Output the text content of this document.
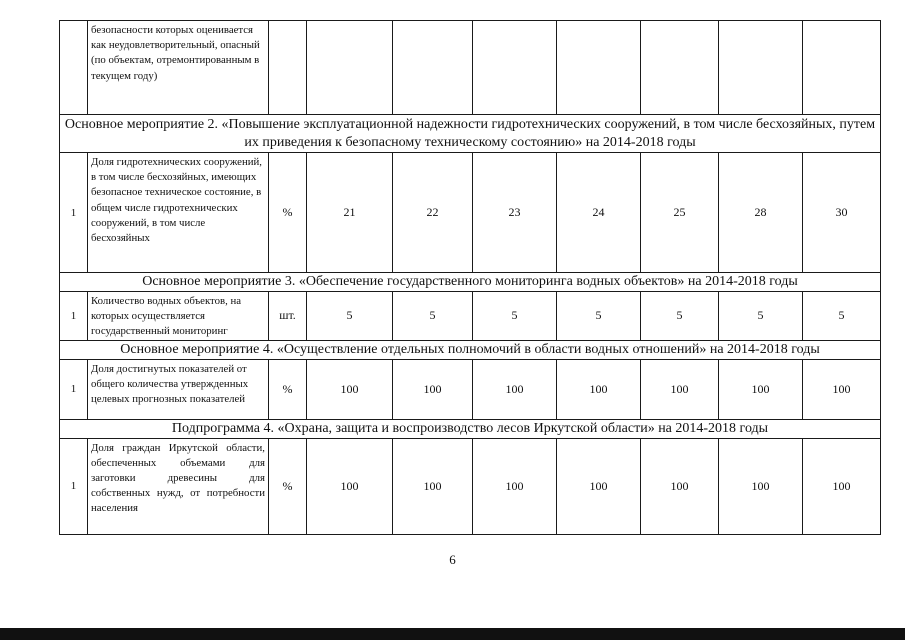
	безопасности которых оценивается как неудовлетворительный, опасный (по объектам, отремонтированным в текущем году)								
Основное мероприятие 2. «Повышение эксплуатационной надежности гидротехнических сооружений, в том числе бесхозяйных, путем их приведения к безопасному техническому состоянию» на 2014-2018 годы									
1	Доля гидротехнических сооружений, в том числе бесхозяйных, имеющих безопасное техническое состояние, в общем числе гидротехнических сооружений, в том числе бесхозяйных	%	21	22	23	24	25	28	30
Основное мероприятие 3. «Обеспечение государственного мониторинга водных объектов» на 2014-2018 годы									
1	Количество водных объектов, на которых осуществляется государственный мониторинг	шт.	5	5	5	5	5	5	5
Основное мероприятие 4. «Осуществление отдельных полномочий в области водных отношений» на 2014-2018 годы									
1	Доля достигнутых показателей от общего количества утвержденных целевых прогнозных показателей	%	100	100	100	100	100	100	100
Подпрограмма 4. «Охрана, защита и воспроизводство лесов Иркутской области» на 2014-2018 годы									
1	Доля граждан Иркутской области, обеспеченных объемами для заготовки древесины для собственных нужд, от потребности населения	%	100	100	100	100	100	100	100
6
